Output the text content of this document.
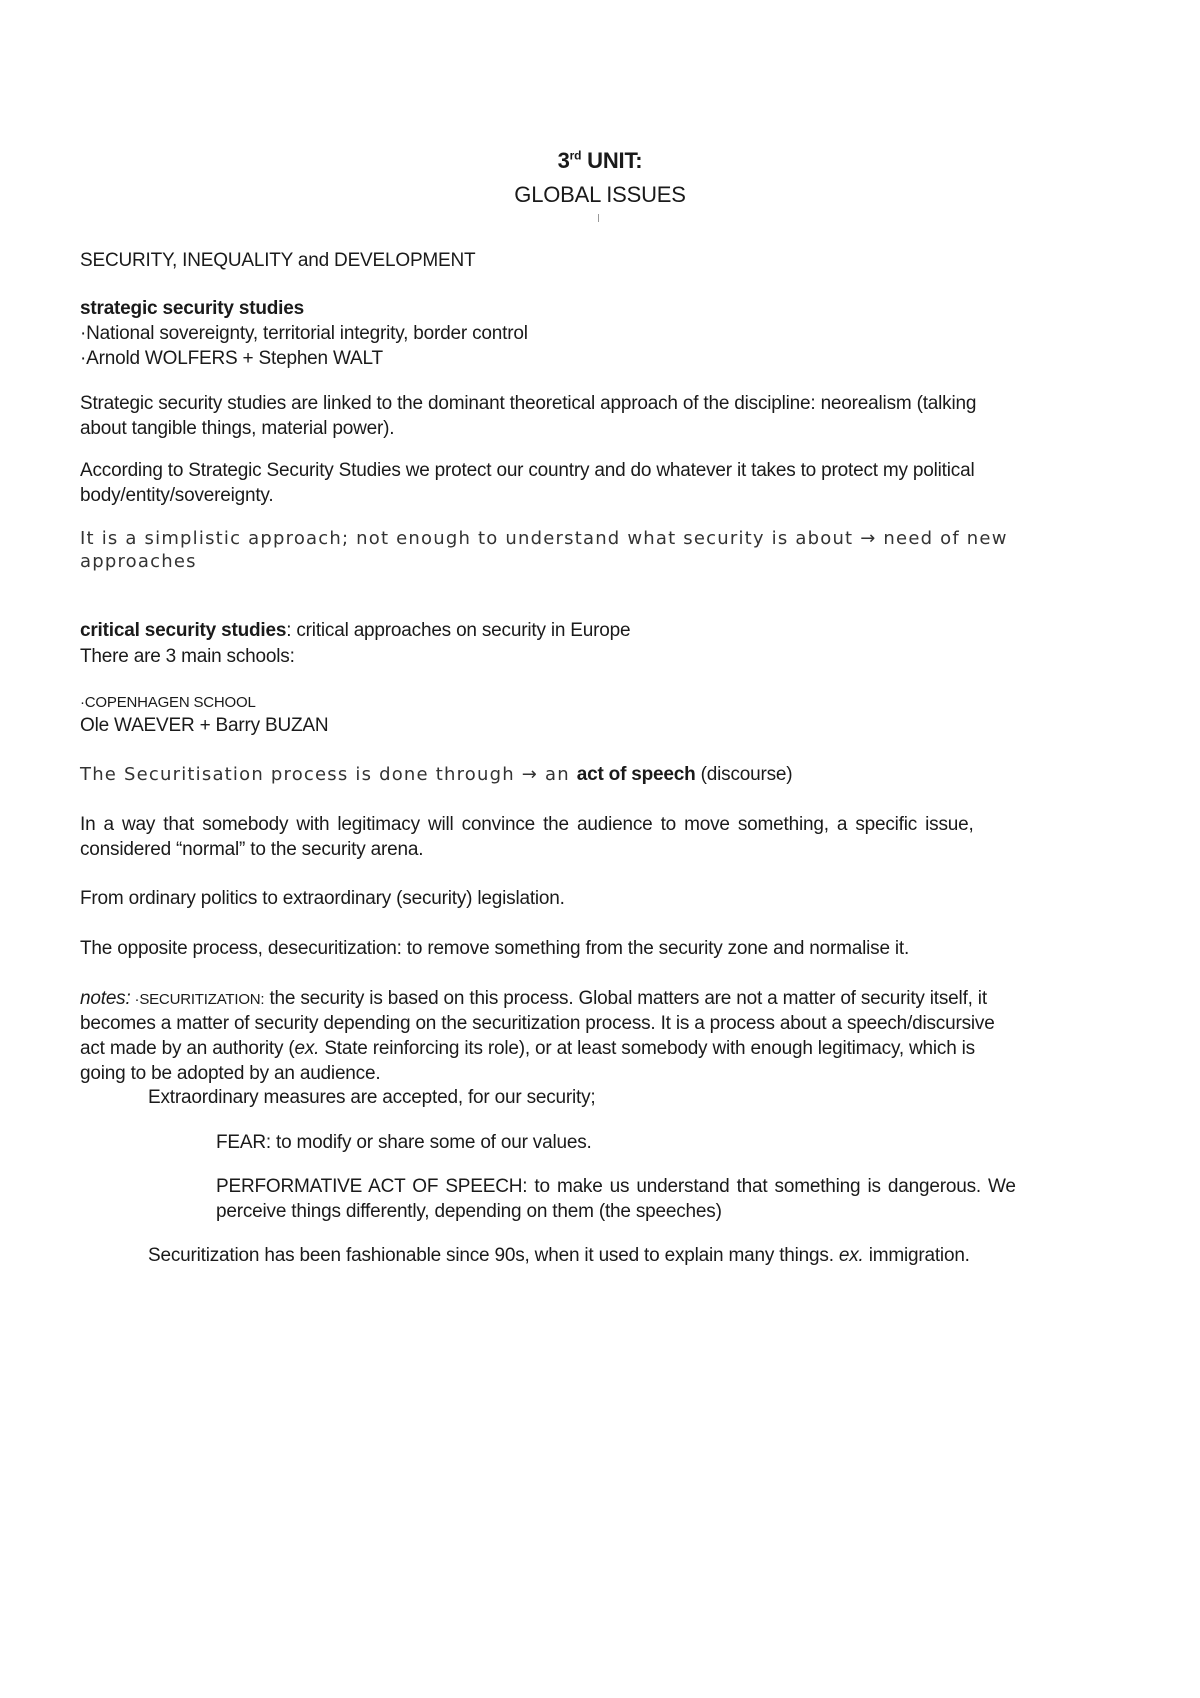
3rd UNIT:
GLOBAL ISSUES
SECURITY, INEQUALITY and DEVELOPMENT
strategic security studies
·National sovereignty, territorial integrity, border control
·Arnold WOLFERS + Stephen WALT
Strategic security studies are linked to the dominant theoretical approach of the discipline: neorealism (talking
about tangible things, material power).
According to Strategic Security Studies we protect our country and do whatever it takes to protect my political
body/entity/sovereignty.
It is a simplistic approach; not enough to understand what security is about → need of new
approaches
critical security studies: critical approaches on security in Europe
There are 3 main schools:
·COPENHAGEN SCHOOL
Ole WAEVER + Barry BUZAN
The Securitisation process is done through → an act of speech (discourse)
In a way that somebody with legitimacy will convince the audience to move something, a specific issue,
considered “normal” to the security arena.
From ordinary politics to extraordinary (security) legislation.
The opposite process, desecuritization: to remove something from the security zone and normalise it.
notes: ·SECURITIZATION: the security is based on this process. Global matters are not a matter of security itself, it
becomes a matter of security depending on the securitization process. It is a process about a speech/discursive
act made by an authority (ex. State reinforcing its role), or at least somebody with enough legitimacy, which is
going to be adopted by an audience.
Extraordinary measures are accepted, for our security;
FEAR: to modify or share some of our values.
PERFORMATIVE ACT OF SPEECH: to make us understand that something is dangerous. We
perceive things differently, depending on them (the speeches)
Securitization has been fashionable since 90s, when it used to explain many things. ex. immigration.
